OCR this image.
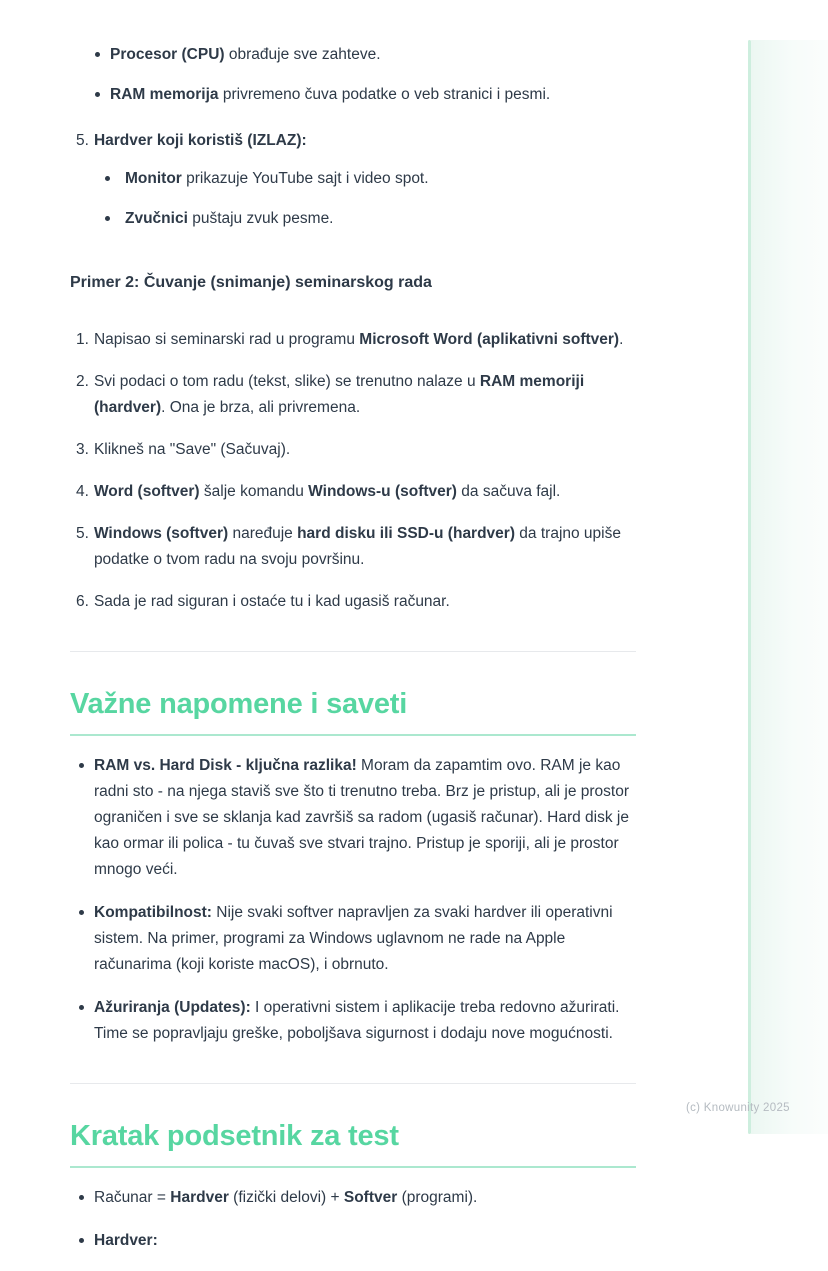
Procesor (CPU) obrađuje sve zahteve.
RAM memorija privremeno čuva podatke o veb stranici i pesmi.
5. Hardver koji koristiš (IZLAZ):
Monitor prikazuje YouTube sajt i video spot.
Zvučnici puštaju zvuk pesme.

Primer 2: Čuvanje (snimanje) seminarskog rada

1. Napisao si seminarski rad u programu Microsoft Word (aplikativni softver).
2. Svi podaci o tom radu (tekst, slike) se trenutno nalaze u RAM memoriji (hardver). Ona je brza, ali privremena.
3. Klikneš na "Save" (Sačuvaj).
4. Word (softver) šalje komandu Windows-u (softver) da sačuva fajl.
5. Windows (softver) naređuje hard disku ili SSD-u (hardver) da trajno upiše podatke o tvom radu na svoju površinu.
6. Sada je rad siguran i ostaće tu i kad ugasiš računar.
Važne napomene i saveti
RAM vs. Hard Disk - ključna razlika! Moram da zapamtim ovo. RAM je kao radni sto - na njega staviš sve što ti trenutno treba. Brz je pristup, ali je prostor ograničen i sve se sklanja kad završiš sa radom (ugasiš računar). Hard disk je kao ormar ili polica - tu čuvaš sve stvari trajno. Pristup je sporiji, ali je prostor mnogo veći.
Kompatibilnost: Nije svaki softver napravljen za svaki hardver ili operativni sistem. Na primer, programi za Windows uglavnom ne rade na Apple računarima (koji koriste macOS), i obrnuto.
Ažuriranja (Updates): I operativni sistem i aplikacije treba redovno ažurirati. Time se popravljaju greške, poboljšava sigurnost i dodaju nove mogućnosti.
Kratak podsetnik za test
Računar = Hardver (fizički delovi) + Softver (programi).
Hardver:
(c) Knowunity 2025
